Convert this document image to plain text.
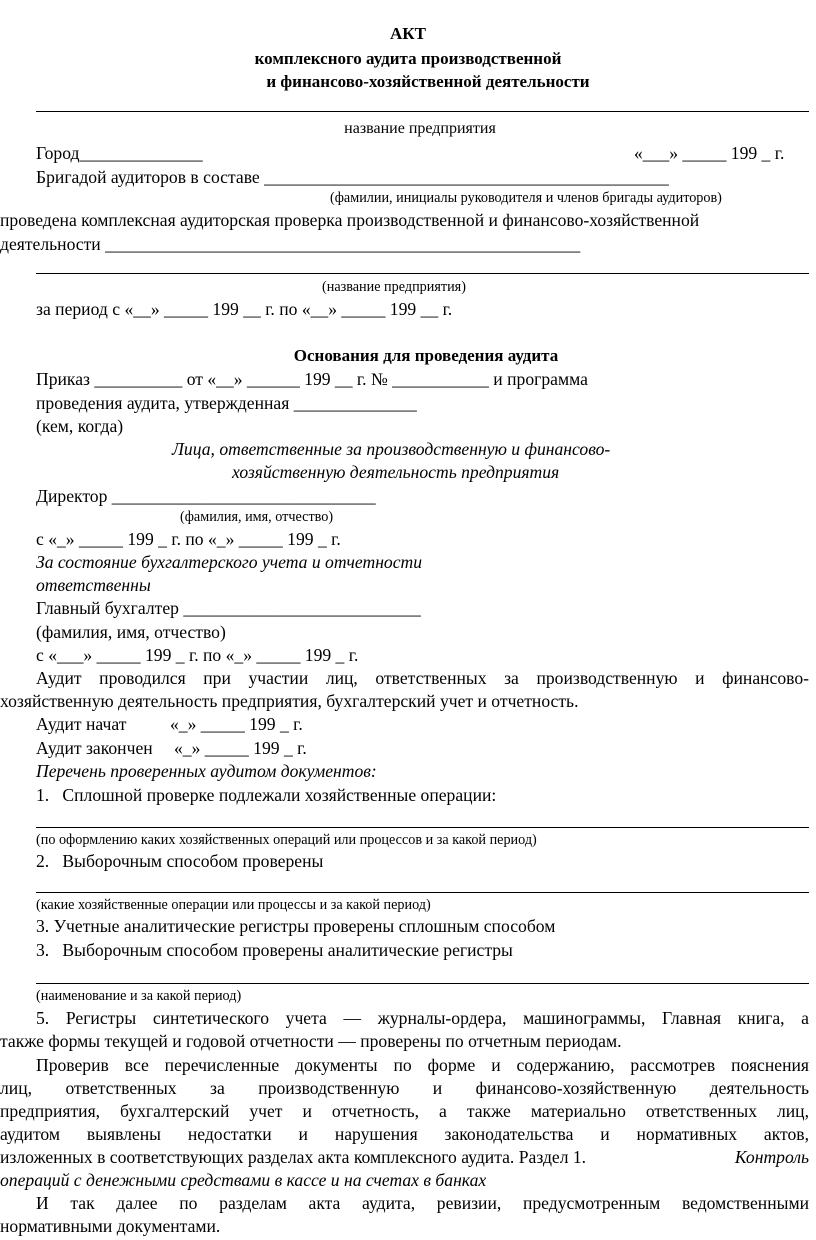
АКТ
комплексного аудита производственной
и финансово-хозяйственной деятельности
название предприятия
Город______________	«___» _____ 199 _ г.
Бригадой аудиторов в составе ______________________________________________
(фамилии, инициалы руководителя и членов бригады аудиторов)
проведена комплексная аудиторская проверка производственной и финансово-хозяйственной
деятельности ______________________________________________________
(название предприятия)
за период с «__» _____ 199 __ г. по «__» _____ 199 __ г.
Основания для проведения аудита
Приказ __________ от «__» ______ 199 __ г. № ___________ и программа
проведения аудита, утвержденная ______________
(кем, когда)
Лица, ответственные за производственную и финансово-
хозяйственную деятельность предприятия
Директор ______________________________
(фамилия, имя, отчество)
с «_» _____ 199 _ г. по «_» _____ 199 _ г.
За состояние бухгалтерского учета и отчетности
ответственны
Главный бухгалтер ___________________________
(фамилия, имя, отчество)
с «___» _____ 199 _ г. по «_» _____ 199 _ г.
Аудит проводился при участии лиц, ответственных за производственную и финансово-
хозяйственную деятельность предприятия, бухгалтерский учет и отчетность.
Аудит начат «_» _____ 199 _ г.
Аудит закончен «_» _____ 199 _ г.
Перечень проверенных аудитом документов:
1.   Сплошной проверке подлежали хозяйственные операции:
(по оформлению каких хозяйственных операций или процессов и за какой период)
2.   Выборочным способом проверены
(какие хозяйственные операции или процессы и за какой период)
3. Учетные аналитические регистры проверены сплошным способом
3.   Выборочным способом проверены аналитические регистры
(наименование и за какой период)
5. Регистры синтетического учета — журналы-ордера, машинограммы, Главная книга, а
также формы текущей и годовой отчетности — проверены по отчетным периодам.
Проверив все перечисленные документы по форме и содержанию, рассмотрев пояснения
лиц, ответственных за производственную и финансово-хозяйственную деятельность
предприятия, бухгалтерский учет и отчетность, а также материально ответственных лиц,
аудитом выявлены недостатки и нарушения законодательства и нормативных актов,
изложенных в соответствующих разделах акта комплексного аудита. Раздел 1.	Контроль
операций с денежными средствами в кассе и на счетах в банках
И так далее по разделам акта аудита, ревизии, предусмотренным ведомственными
нормативными документами.
